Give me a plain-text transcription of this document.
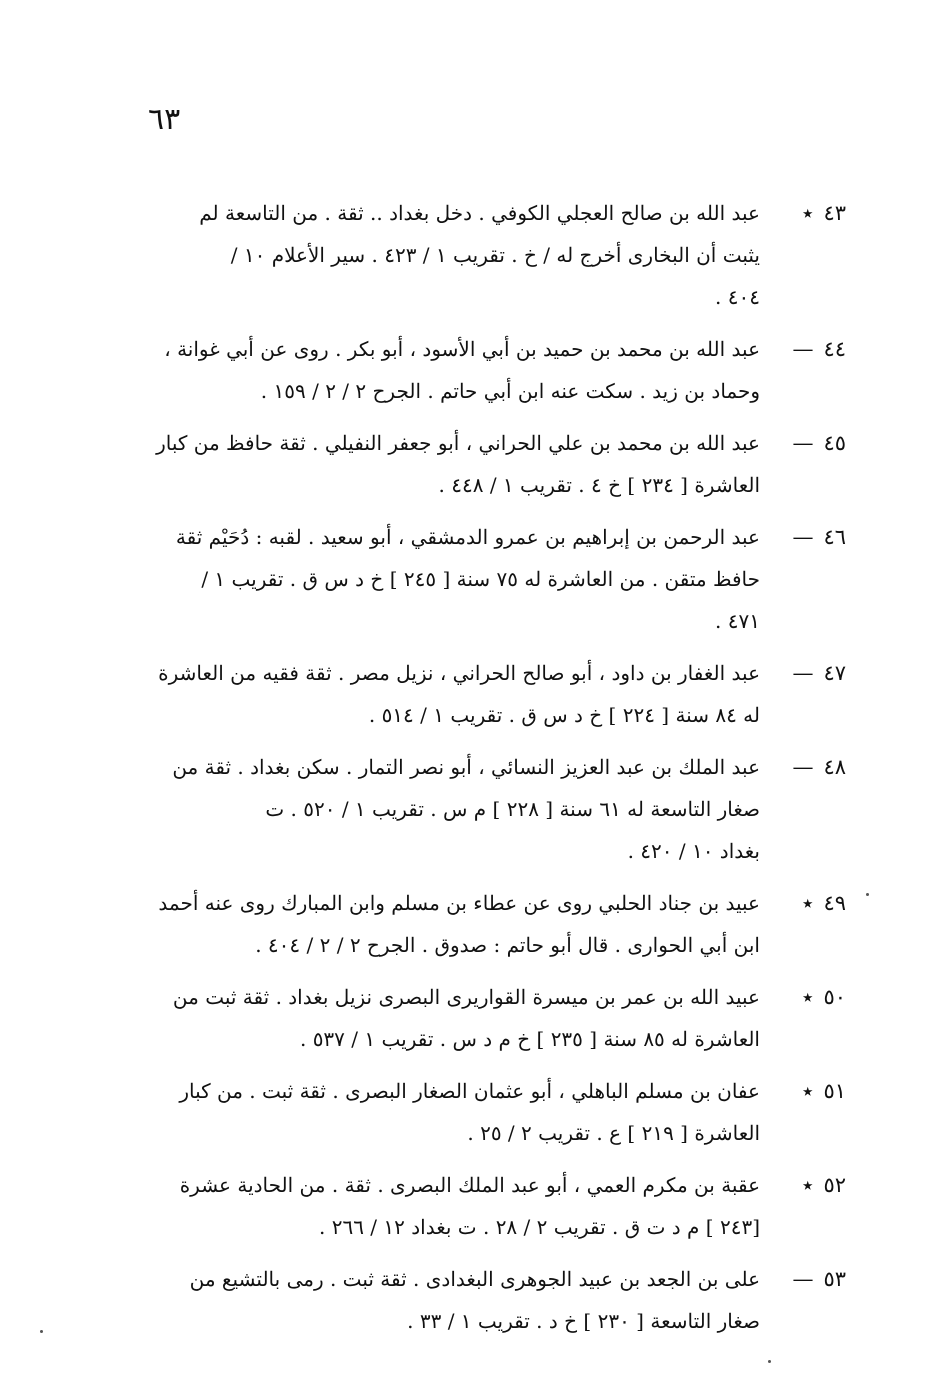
٦٣
٤٣
٭
عبد الله بن صالح العجلي الكوفي . دخل بغداد .. ثقة . من التاسعة لم
يثبت أن البخارى أخرج له / خ . تقريب ١ / ٤٢٣ . سير الأعلام ١٠ /
٤٠٤ .
٤٤
—
عبد الله بن محمد بن حميد بن أبي الأسود ، أبو بكر . روى عن أبي غوانة ،
وحماد بن زيد . سكت عنه ابن أبي حاتم . الجرح ٢ / ٢ / ١٥٩ .
٤٥
—
عبد الله بن محمد بن علي الحراني ، أبو جعفر النفيلي . ثقة حافظ من كبار
العاشرة [ ٢٣٤ ] خ ٤ . تقريب ١ / ٤٤٨ .
٤٦
—
عبد الرحمن بن إبراهيم بن عمرو الدمشقي ، أبو سعيد . لقبه : دُحَيْم ثقة
حافظ متقن . من العاشرة له ٧٥ سنة [ ٢٤٥ ] خ د س ق . تقريب ١ /
٤٧١ .
٤٧
—
عبد الغفار بن داود ، أبو صالح الحراني ، نزيل مصر . ثقة فقيه من العاشرة
له ٨٤ سنة [ ٢٢٤ ] خ د س ق . تقريب ١ / ٥١٤ .
٤٨
—
عبد الملك بن عبد العزيز النسائي ، أبو نصر التمار . سكن بغداد . ثقة من
صغار التاسعة له ٦١ سنة [ ٢٢٨ ] م س . تقريب ١ / ٥٢٠ . ت
بغداد ١٠ / ٤٢٠ .
٤٩
٭
عبيد بن جناد الحلبي روى عن عطاء بن مسلم وابن المبارك روى عنه أحمد
ابن أبي الحوارى . قال أبو حاتم : صدوق . الجرح ٢ / ٢ / ٤٠٤ .
٥٠
٭
عبيد الله بن عمر بن ميسرة القواريرى البصرى نزيل بغداد . ثقة ثبت من
العاشرة له ٨٥ سنة [ ٢٣٥ ] خ م د س . تقريب ١ / ٥٣٧ .
٥١
٭
عفان بن مسلم الباهلي ، أبو عثمان الصغار البصرى . ثقة ثبت . من كبار
العاشرة [ ٢١٩ ] ع . تقريب ٢ / ٢٥ .
٥٢
٭
عقبة بن مكرم العمي ، أبو عبد الملك البصرى . ثقة . من الحادية عشرة
[٢٤٣ ] م د ت ق . تقريب ٢ / ٢٨ . ت بغداد ١٢ / ٢٦٦ .
٥٣
—
على بن الجعد بن عبيد الجوهرى البغدادى . ثقة ثبت . رمى بالتشيع من
صغار التاسعة [ ٢٣٠ ] خ د . تقريب ١ / ٣٣ .
